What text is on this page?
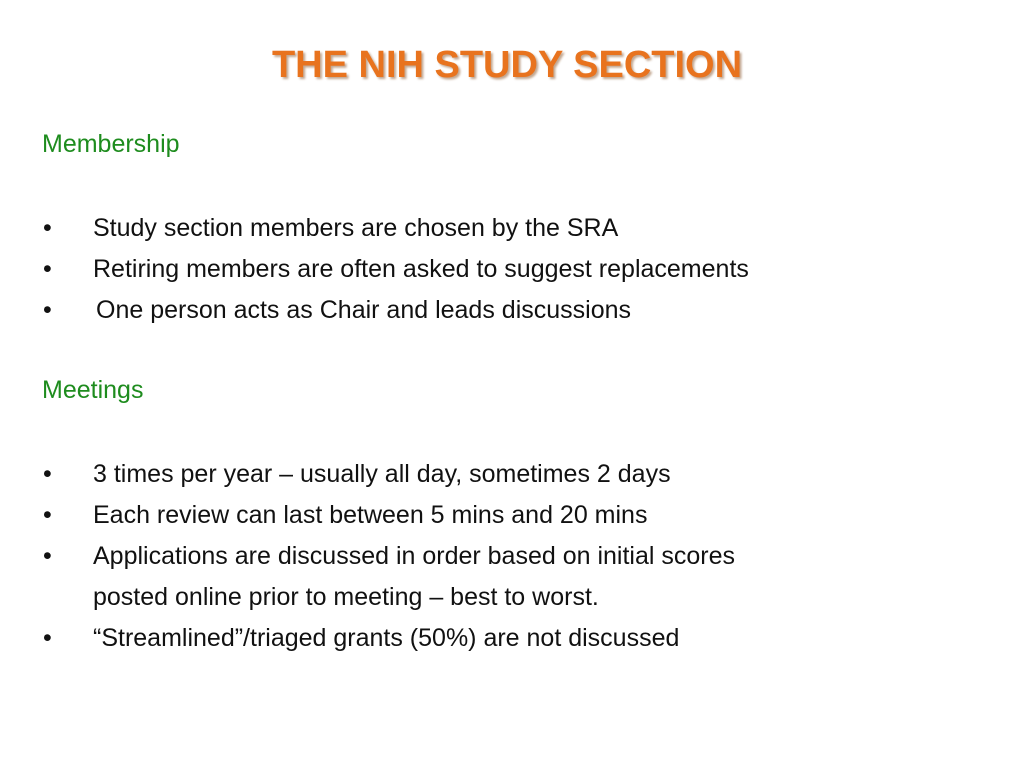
THE NIH STUDY SECTION
Membership
• Study section members are chosen by the SRA
• Retiring members are often asked to suggest replacements
• One person acts as Chair and leads discussions
Meetings
• 3 times per year – usually all day, sometimes 2 days
• Each review can last between 5 mins and 20 mins
• Applications are discussed in order based on initial scores
posted online prior to meeting – best to worst.
• “Streamlined”/triaged grants (50%) are not discussed
